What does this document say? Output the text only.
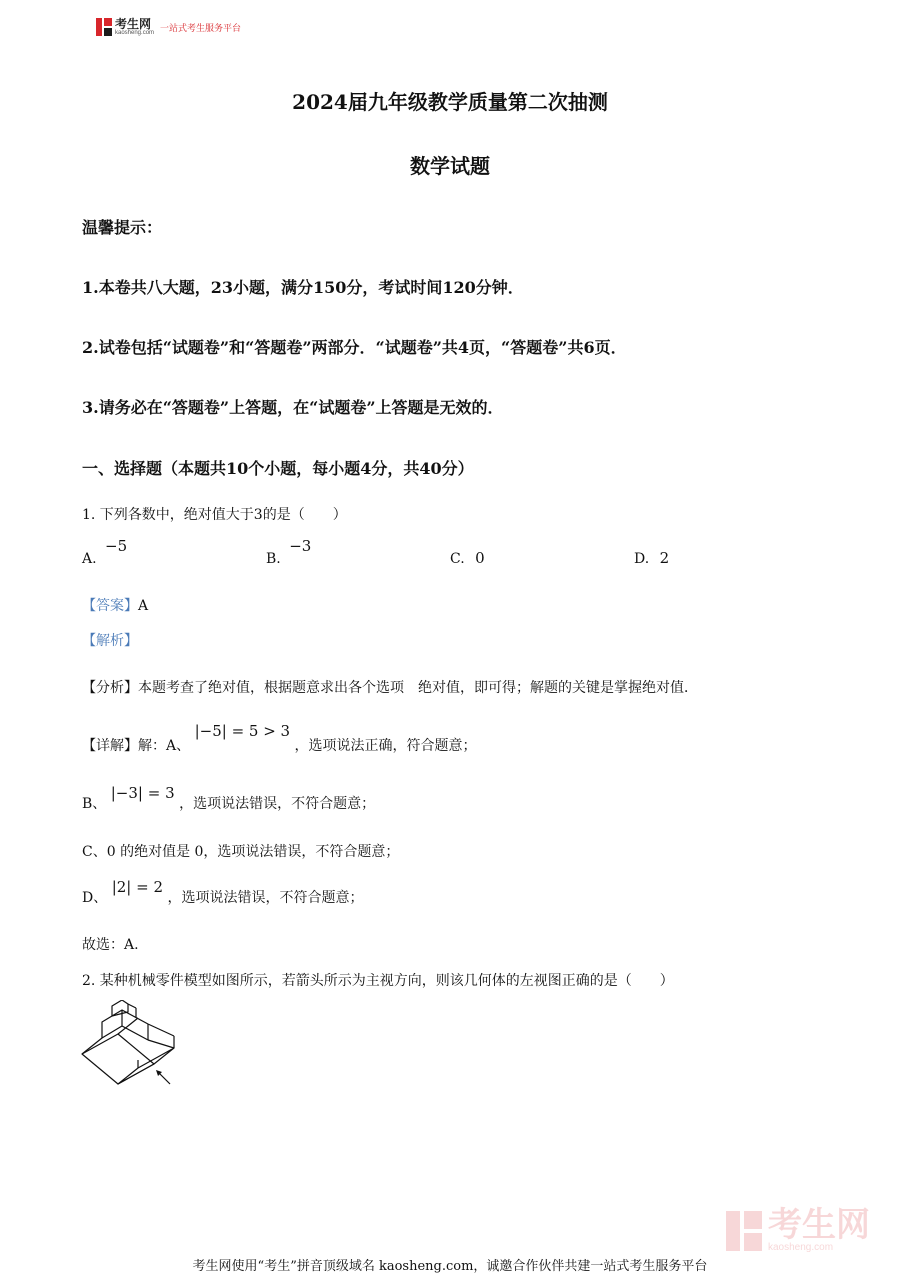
考生网
kaosheng.com
一站式考生服务平台
2024届九年级教学质量第二次抽测
数学试题
温馨提示：
1.本卷共八大题，23小题，满分150分，考试时间120分钟．
2.试卷包括“试题卷”和“答题卷”两部分．“试题卷”共4页，“答题卷”共6页．
3.请务必在“答题卷”上答题，在“试题卷”上答题是无效的．
一、选择题（本题共10个小题，每小题4分，共40分）
1. 下列各数中，绝对值大于3的是（　　）
A. −5
B. −3
C. 0	D. 2
【答案】A
【解析】
【分析】本题考查了绝对值，根据题意求出各个选项　绝对值，即可得；解题的关键是掌握绝对值．
【详解】解：A、 |−5| = 5 > 3 ，选项说法正确，符合题意；
B、 |−3| = 3 ，选项说法错误，不符合题意；
C、0 的绝对值是 0，选项说法错误，不符合题意；
D、 |2| = 2 ，选项说法错误，不符合题意；
故选：A.
2. 某种机械零件模型如图所示，若箭头所示为主视方向，则该几何体的左视图正确的是（　　）
考生网
kaosheng.com
考生网使用“考生”拼音顶级域名 kaosheng.com，诚邀合作伙伴共建一站式考生服务平台
